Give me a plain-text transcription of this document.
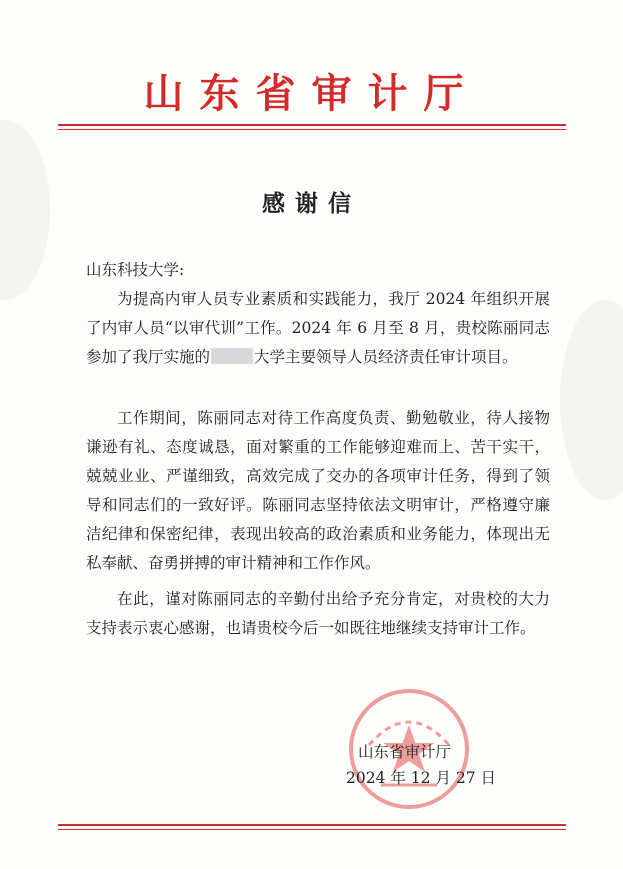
山东省审计厅
感谢信
山东科技大学:

为提高内审人员专业素质和实践能力，我厅 2024 年组织开展了内审人员“以审代训”工作。2024 年 6 月至 8 月，贵校陈丽同志参加了我厅实施的	大学主要领导人员经济责任审计项目。

工作期间，陈丽同志对待工作高度负责、勤勉敬业，待人接物谦逊有礼、态度诚恳，面对繁重的工作能够迎难而上、苦干实干，兢兢业业、严谨细致，高效完成了交办的各项审计任务，得到了领导和同志们的一致好评。陈丽同志坚持依法文明审计，严格遵守廉洁纪律和保密纪律，表现出较高的政治素质和业务能力，体现出无私奉献、奋勇拼搏的审计精神和工作作风。

在此，谨对陈丽同志的辛勤付出给予充分肯定，对贵校的大力支持表示衷心感谢，也请贵校今后一如既往地继续支持审计工作。

山东省审计厅
2024 年 12 月 27 日
